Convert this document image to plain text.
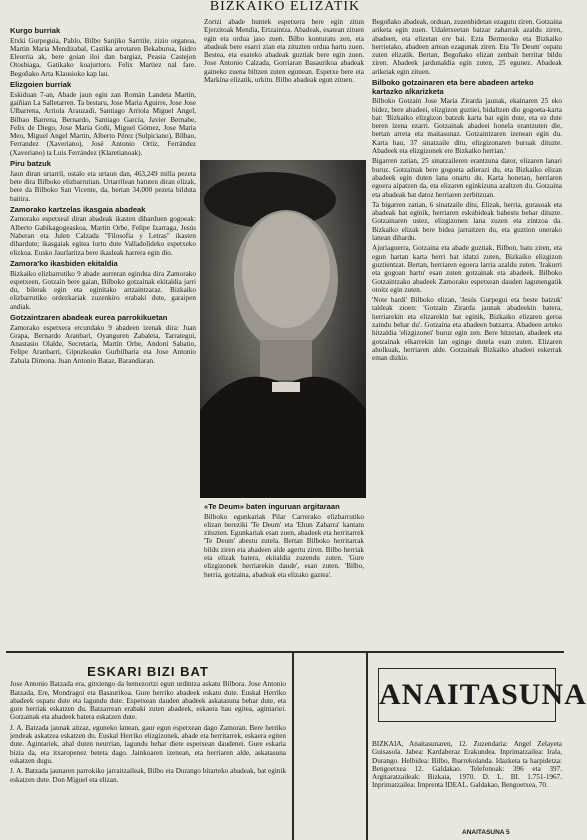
BIZKAIKO ELIZATIK
Kurgo burriak

Etxki Gurpeguia, Pablo, Bilbo Sanjiko Sarrtile, zizio organoa, Martin Maria Mendizabal, Castika arrotaren Bekaburua, Isidro Eleorria ak, bere goian iloi dan bargiaz, Peasia Castejon Otosbiaga, Gatikako koajurtoro. Felix Martiez nal fare. Begoñako Arta Klausioko kap lau.

Elizgoien burriak

Eskiduan 7-an, Abade jaun egin zan Román Landeta Martín, gaiñian La Salletarren. Ta bestaru, Jose Maria Aguirre, Jose Jose Ulbarrena, Arriola Arauzadi, Santiago Arriola Miguel Angel, Bilbao Barrena, Bernardo, Santiago Garcia, Javier Bernabe, Felix de Diego, Jose Maria Goñi, Miguel Gómez, Jose Maria Meo, Miguel Angel Martin, Alberto Pérez (Sulpiciano), Bilbao, Ferrandez (Xaveriano), José Antonio Ortiz, Ferrández (Xaveriano) ta Luis Ferrández (Klaretianoak).

Piru batzuk

Jaun diran urtarril, ostalo eta urtaun dan, 463,249 milla pezeta bete dira Bilboko elizbarrutian. Urtarrilean batuten diran elizak, bere da Bilboko San Vicente, da, bertan 34,000 pezeta bilduta baitira.

Zamorako kartzelas ikasgaia abadeak

Zamorako espetxeal diran abadeak ikasten diharduen gogoeak: Alberto Gabikagogeaskoa, Martin Orbe, Felipe Izarraga, Jesús Naberan eta Julen Calzada "Filosofia y Letras" ikasten dihardute; ikasgaiak egitea lortu dute Valladolideko espetxeko elizkoa. Eusko Jaurlaritza bere ikasleak harrera egin dio.

Zamora'ko ikasbiden ekitaldia

Bizkaiko elizbarrutiko 9 abade aurreran egindua dira Zamorako espetxeen, Gotzain bere gaian, Bilboko gotzainak ekitaldia jarri du, bilerak egin eta eginitako artzaintzaraz. Bizkaiko elizbarrutiko ordezkariak zuzenkiro erabaki dute, garaipen andiak.

Gotzaintzaren abadeak eurea parrokikuetan

Zamorako espetxera ercundako 9 abadeen izenak dira: Juan Grapa, Bernardo Aranbari, Oyanguren Zabaleta, Tarrategui, Anastasio Olalde, Secretaria, Martín Orbe, Andoni Sabatio, Felipe Aranbarri, Gipuzkoako Gurbilbaria eta Jose Antonio Zabala Dimona. Juan Antonio Bataz, Barandiaran.

Zortzi abade huntek espetxera bere egin zitun Ejerzitoak Mendia, Ertzaintza. Abadeak, esatean zituen egin eta ordua jaso zuen. Bilbo konturatu zen, eta abadeak bere esarri zian eta zituzten ordua hartu zuen. Bestea, eta esateko abadeak guztiak bere egin zuen. Jose Antonio Calzada, Gorriaran Basaurikoa abadeak gaineko zuena biltzen zuten egunean. Espetxe bere eta Markina elizatik, urkitu. Bilbo abadeak egun zituen.

«Te Deum» baten inguruan argitaraan

Bilboko egunkariak Pilar Carrerako elizbarrutiko elizan bereziki 'Te Deum' eta 'Ehun Zaharra' kantatu zituzten. Egunkariak esan zuen, abadeek eta herritarrek 'Te Deum' abestu zutela. Bertan Bilboko herritarrak bildu ziren eta abadeen alde agertu ziren. Bilbo herriak eta elizak batera, ekitaldia zuzendu zuten. 'Gure elizgizonek herriarekin daude', esan zuten. 'Bilbo, herria, gotzaina, abadeak eta elizako gaztea'.

Begoñako abadeak, orduan, zuzenbidetan ezagutu ziren. Gotzaina ariketa egin zuen. Udaletxeetan batzar zaharrak azaldu ziren, abadeen, eta elizetan ere bai. Ezta Bermeoko eta Bizkaiko herrietako, abadeen artean ezagunak ziren. Eta 'Te Deum' ospatu zuten elizatik. Bertan, Begoñako elizan zenbait herritar bildu ziren. Abadeek jardunaldia egin zuten, 25 egunez. Abadeak ariketak egin zituen.

Bilboko gotzainaren eta bere abadeen arteko kartazko alkarizketa

Bilboko Gotzain Jose Maria Zirarda jaunak, ekainaren 25 eko bidez, bere abadeei, elizgizon guztiei, bidaltzen dio gogoeta-karta bat: 'Bizkaiko elizgizon batzuk karta bat egin dute, eta ez dute beren izena ezarri. Gotzainak abadeei honela erantzuten die, bertan arreta eta maitasunaz. Gotzaintzaren izenean egin du. Karta hau, 37 sinatzaile ditu, elizgizonaren buruak dituzte. Abadeek eta elizgizonek ere Bizkaiko herrian.'

Bigarren zatian, 25 sinatzaileren erantzuna dator, elizaren lanari buruz. Gotzainak bere gogoeta adierazi du, eta Bizkaiko elizan abadeek egin duten lana onartu du. Karta honetan, herriaren egoera aipatzen da, eta elizaren eginkizuna azaltzen du. Gotzaina eta abadeak bat datoz herriaren zerbitzuan.

Ta bigarren zatian, 6 sinatzaile ditu, Elizak, herria, gurasoak eta abadeak bat eginik, herriaren eskubideak babestu behar dituzte. Gotzainaren ustez, elizgizonen lana zuzen eta zintzoa da. Bizkaiko elizak bere bidea jarraitzen du, eta guztion onerako lanean dihardu.

Ajuriaguerra, Gotzaina eta abade guztiak, Bilbon, batu ziren, eta egun hartan karta berri bat idatzi zuten, Bizkaiko elizgizon guztientzat. Bertan, herriaren egoera larria azaldu zuten. 'Irakurri eta gogoan hartu' esan zuten gotzainak eta abadeek. Bilboko Gotzaintzako abadeek Zamorako espetxean dauden lagunengatik otoitz egin zuten.

'Note hardi' Bilboko elizan, 'Jesús Gurpegui eta beste batzuk' taldeak zioen: 'Gotzain Zirarda jaunak abadeekin batera, herriarekin eta elizarekin bat eginik, Bizkaiko elizaren geroa zaindu behar du'. Gotzaina eta abadeen batzarra. Abadeen arteko hitzaldia 'elizgizonei' buruz egin zen. Bere hitzetan, abadeek eta gotzainak elkarrekin lan egingo dutela esan zuten. Elizaren aholkuak, herriaren alde. Gotzainak Bizkaiko abadeei eskerrak eman dizkie.

ESKARI BIZI BAT

Jose Antonio Batzada era, gitxiengo da hemezortzi egun urdintza askatu Bilbora. Jose Antonio Batzada, Ere, Mondragoi eta Basaurikoa. Gure herriko abadeek eskatu dute. Euskal Herriko abadeek ospatu dute eta lagundu dute. Espetxean dauden abadeek askatasuna behar dute, eta gure herriak eskatzen du. Batzarrean erabaki zuten abadeek, eskaera hau egitea, agintariei. Gotzainak eta abadeek batera eskatzen dute.

J. A. Batzada jaunak aitzaz, eguneko lanean, gaur egun espetxean dago Zamoran. Bere herriko jendeak askatzea eskatzen du. Euskal Herriko elizgizonek, abade eta herritarrek, eskaera egiten dute. Agintariek, ahal duten neurrian, lagundu behar diete espetxean daudenei. Gure eskaria bizia da, eta itxaropenez beteta dago. Jainkoaren izenean, eta herriaren alde, askatasuna eskatzen dugu.

J. A. Batzada jaunaren parrokiko jarraitzaileak, Bilbo eta Durango bitarteko abadeak, bat eginik eskatzen dute. Don Miguel eta elizan.

ANAITASUNA

BIZKAIA, Anaitasunaren, 12. Zuzendaria: Angel Zelayeta Guisasola. Jabea: Kardaberaz Erakundea. Inprimatzailea: Irala, Durango. Helbidea: Bilbo, Ibarrekolanda. Idazketa ta harpidetza: Bengoetxea 12. Galdakao. Telefonoak: 396 eta 397. Argitaratzaileak: Bizkaia, 1970. D. L. BI. 1.751-1967. Inprimatzailea: Imprenta IDEAL. Galdakao, Bengoetxea, 70.

ANAITASUNA 5
